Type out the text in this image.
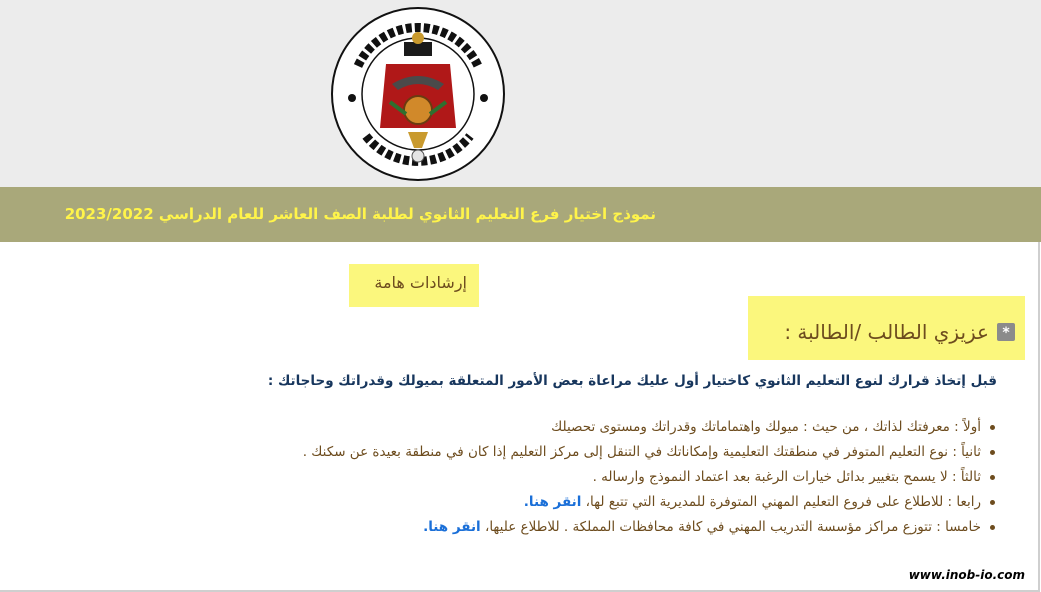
نموذج اختيار فرع التعليم الثانوي لطلبة الصف العاشر للعام الدراسي 2023/2022
إرشادات هامة
*
عزيزي الطالب /الطالبة :
قبل إتخاذ قرارك لنوع التعليم الثانوي كاختيار أول عليك مراعاة بعض الأمور المتعلقة بميولك وقدراتك وحاجاتك :
أولاً : معرفتك لذاتك ، من حيث : ميولك واهتماماتك وقدراتك ومستوى تحصيلك
ثانياً : نوع التعليم المتوفر في منطقتك التعليمية وإمكاناتك في التنقل إلى مركز التعليم إذا كان في منطقة بعيدة عن سكنك .
ثالثاً : لا يسمح بتغيير بدائل خيارات الرغبة بعد اعتماد النموذج وارساله .
رابعا : للاطلاع على فروع التعليم المهني المتوفرة للمديرية التي تتبع لها، انقر هنا.
خامسا : تتوزع مراكز مؤسسة التدريب المهني في كافة محافظات المملكة . للاطلاع عليها، انقر هنا.
www.inob-io.com
